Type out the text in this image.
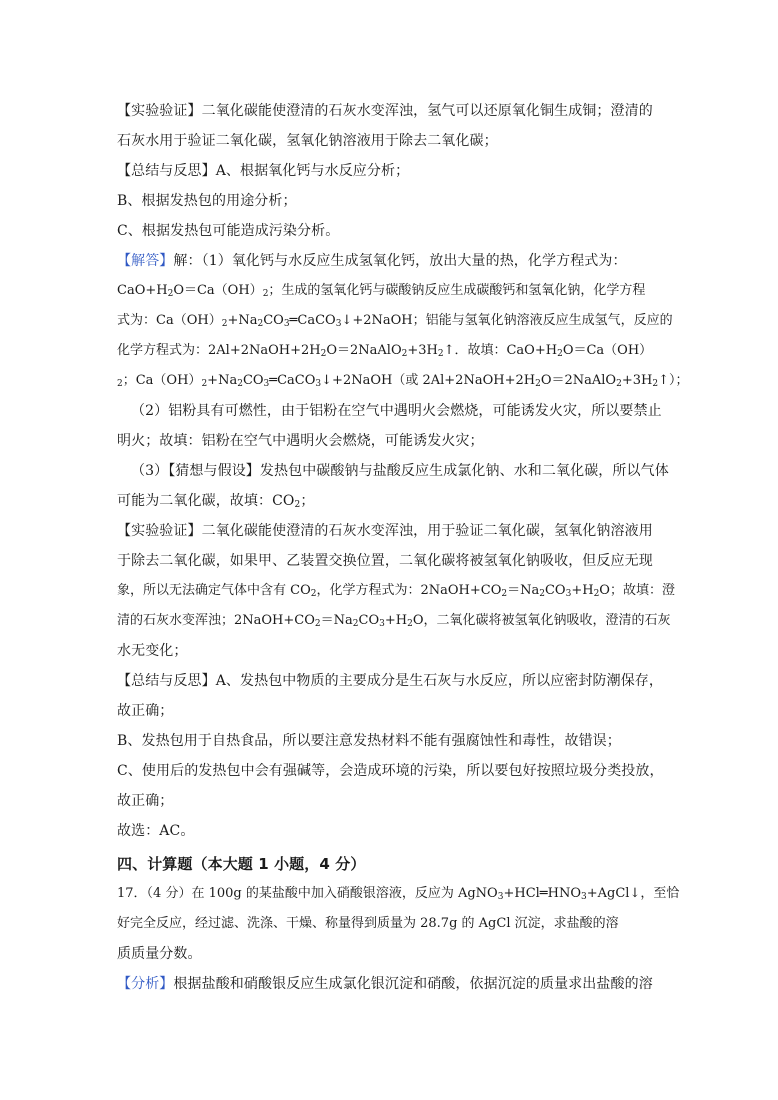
【实验验证】二氧化碳能使澄清的石灰水变浑浊，氢气可以还原氧化铜生成铜；澄清的
石灰水用于验证二氧化碳，氢氧化钠溶液用于除去二氧化碳；
【总结与反思】A、根据氧化钙与水反应分析；
B、根据发热包的用途分析；
C、根据发热包可能造成污染分析。
【解答】解：（1）氧化钙与水反应生成氢氧化钙，放出大量的热，化学方程式为：
$CaO+H_2O=Ca(OH)_2$；生成的氢氧化钙与碳酸钠反应生成碳酸钙和氢氧化钠，化学方程
式为：$Ca(OH)_2+Na_2CO_3═CaCO_3↓+2NaOH$；铝能与氢氧化钠溶液反应生成氢气，反应的
化学方程式为：$2Al+2NaOH+2H_2O=2NaAlO_2+3H_2↑$．故填：$CaO+H_2O=Ca(OH)$
$_2$；$Ca(OH)_2+Na_2CO_3═CaCO_3↓+2NaOH$（或 $2Al+2NaOH+2H_2O=2NaAlO_2+3H_2↑$）；
（2）铝粉具有可燃性，由于铝粉在空气中遇明火会燃烧，可能诱发火灾，所以要禁止
明火；故填：铝粉在空气中遇明火会燃烧，可能诱发火灾；
（3）【猜想与假设】发热包中碳酸钠与盐酸反应生成氯化钠、水和二氧化碳，所以气体
可能为二氧化碳，故填：$CO_2$；
【实验验证】二氧化碳能使澄清的石灰水变浑浊，用于验证二氧化碳，氢氧化钠溶液用
于除去二氧化碳，如果甲、乙装置交换位置，二氧化碳将被氢氧化钠吸收，但反应无现
象，所以无法确定气体中含有 $CO_2$，化学方程式为：$2NaOH+CO_2=Na_2CO_3+H_2O$；故填：澄
清的石灰水变浑浊；$2NaOH+CO_2=Na_2CO_3+H_2O$，二氧化碳将被氢氧化钠吸收，澄清的石灰
水无变化；
【总结与反思】A、发热包中物质的主要成分是生石灰与水反应，所以应密封防潮保存，
故正确；
B、发热包用于自热食品，所以要注意发热材料不能有强腐蚀性和毒性，故错误；
C、使用后的发热包中会有强碱等，会造成环境的污染，所以要包好按照垃圾分类投放，
故正确；
故选：AC。
四、计算题（本大题 1 小题，4 分）
17．（4 分）在 100g 的某盐酸中加入硝酸银溶液，反应为 $AgNO_3+HCl═HNO_3+AgCl↓$，至恰
好完全反应，经过滤、洗涤、干燥、称量得到质量为 28.7g 的 AgCl 沉淀，求盐酸的溶
质质量分数。
【分析】根据盐酸和硝酸银反应生成氯化银沉淀和硝酸，依据沉淀的质量求出盐酸的溶
